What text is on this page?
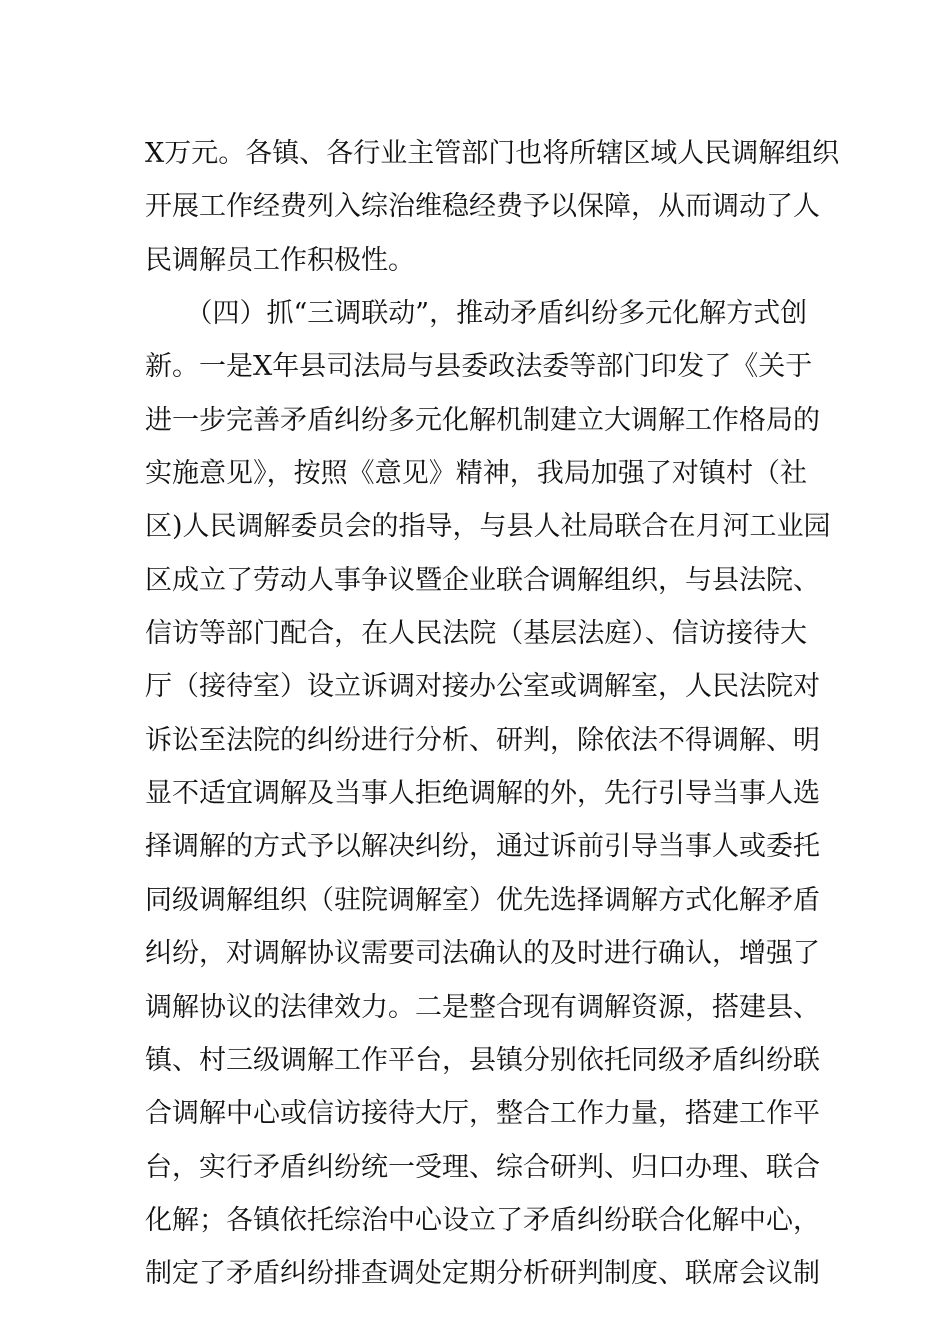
X万元。各镇、各行业主管部门也将所辖区域人民调解组织
开展工作经费列入综治维稳经费予以保障，从而调动了人
民调解员工作积极性。
　　（四）抓“三调联动”，推动矛盾纠纷多元化解方式创
新。一是X年县司法局与县委政法委等部门印发了《关于
进一步完善矛盾纠纷多元化解机制建立大调解工作格局的
实施意见》，按照《意见》精神，我局加强了对镇村（社
区)人民调解委员会的指导，与县人社局联合在月河工业园
区成立了劳动人事争议暨企业联合调解组织，与县法院、
信访等部门配合，在人民法院（基层法庭）、信访接待大
厅（接待室）设立诉调对接办公室或调解室，人民法院对
诉讼至法院的纠纷进行分析、研判，除依法不得调解、明
显不适宜调解及当事人拒绝调解的外，先行引导当事人选
择调解的方式予以解决纠纷，通过诉前引导当事人或委托
同级调解组织（驻院调解室）优先选择调解方式化解矛盾
纠纷，对调解协议需要司法确认的及时进行确认，增强了
调解协议的法律效力。二是整合现有调解资源，搭建县、
镇、村三级调解工作平台，县镇分别依托同级矛盾纠纷联
合调解中心或信访接待大厅，整合工作力量，搭建工作平
台，实行矛盾纠纷统一受理、综合研判、归口办理、联合
化解；各镇依托综治中心设立了矛盾纠纷联合化解中心，
制定了矛盾纠纷排查调处定期分析研判制度、联席会议制
